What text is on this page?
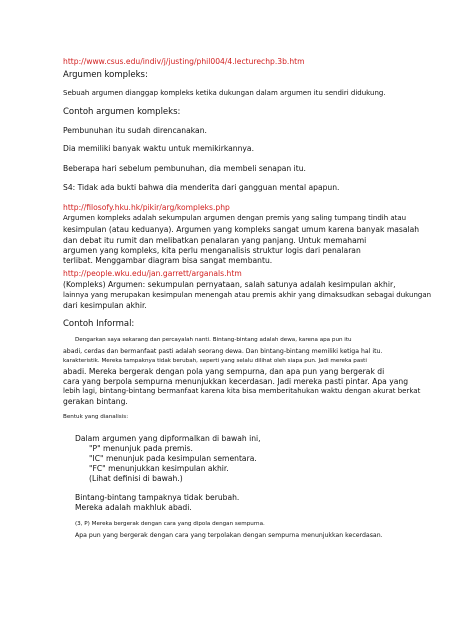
http://www.csus.edu/indiv/j/justing/phil004/4.lecturechp.3b.htm
Argumen kompleks:
Sebuah argumen dianggap kompleks ketika dukungan dalam argumen itu sendiri didukung.
Contoh argumen kompleks:
Pembunuhan itu sudah direncanakan.
Dia memiliki banyak waktu untuk memikirkannya.
Beberapa hari sebelum pembunuhan, dia membeli senapan itu.
S4: Tidak ada bukti bahwa dia menderita dari gangguan mental apapun.
http://filosofy.hku.hk/pikir/arg/kompleks.php
Argumen kompleks adalah sekumpulan argumen dengan premis yang saling tumpang tindih atau
kesimpulan (atau keduanya). Argumen yang kompleks sangat umum karena banyak masalah
dan debat itu rumit dan melibatkan penalaran yang panjang. Untuk memahami
argumen yang kompleks, kita perlu menganalisis struktur logis dari penalaran
terlibat. Menggambar diagram bisa sangat membantu.
http://people.wku.edu/jan.garrett/arganals.htm
(Kompleks) Argumen: sekumpulan pernyataan, salah satunya adalah kesimpulan akhir,
lainnya yang merupakan kesimpulan menengah atau premis akhir yang dimaksudkan sebagai dukungan
dari kesimpulan akhir.
Contoh Informal:
Dengarkan saya sekarang dan percayalah nanti. Bintang-bintang adalah dewa, karena apa pun itu
abadi, cerdas dan bermanfaat pasti adalah seorang dewa. Dan bintang-bintang memiliki ketiga hal itu.
karakteristik. Mereka tampaknya tidak berubah, seperti yang selalu dilihat oleh siapa pun. Jadi mereka pasti
abadi. Mereka bergerak dengan pola yang sempurna, dan apa pun yang bergerak di
cara yang berpola sempurna menunjukkan kecerdasan. Jadi mereka pasti pintar. Apa yang
lebih lagi, bintang-bintang bermanfaat karena kita bisa memberitahukan waktu dengan akurat berkat
gerakan bintang.
Bentuk yang dianalisis:
Dalam argumen yang dipformalkan di bawah ini,
"P" menunjuk pada premis.
"IC" menunjuk pada kesimpulan sementara.
"FC" menunjukkan kesimpulan akhir.
(Lihat definisi di bawah.)
Bintang-bintang tampaknya tidak berubah.
Mereka adalah makhluk abadi.
(3, P) Mereka bergerak dengan cara yang dipola dengan sempurna.
Apa pun yang bergerak dengan cara yang terpolakan dengan sempurna menunjukkan kecerdasan.
